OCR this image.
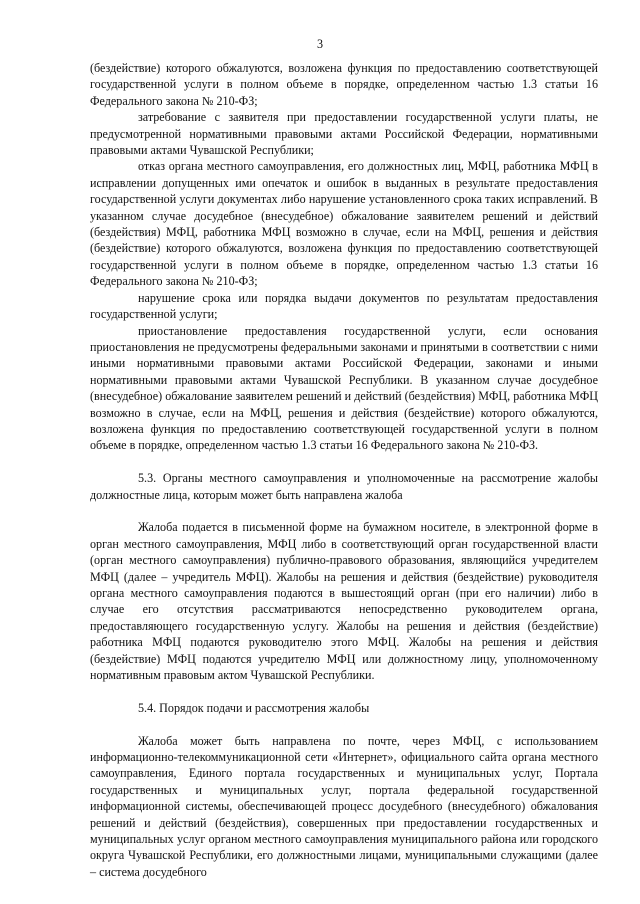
3

(бездействие) которого обжалуются, возложена функция по предоставлению соответствующей государственной услуги в полном объеме в порядке, определенном частью 1.3 статьи 16 Федерального закона № 210-ФЗ;

затребование с заявителя при предоставлении государственной услуги платы, не предусмотренной нормативными правовыми актами Российской Федерации, нормативными правовыми актами Чувашской Республики;

отказ органа местного самоуправления, его должностных лиц, МФЦ, работника МФЦ в исправлении допущенных ими опечаток и ошибок в выданных в результате предоставления государственной услуги документах либо нарушение установленного срока таких исправлений. В указанном случае досудебное (внесудебное) обжалование заявителем решений и действий (бездействия) МФЦ, работника МФЦ возможно в случае, если на МФЦ, решения и действия (бездействие) которого обжалуются, возложена функция по предоставлению соответствующей государственной услуги в полном объеме в порядке, определенном частью 1.3 статьи 16 Федерального закона № 210-ФЗ;

нарушение срока или порядка выдачи документов по результатам предоставления государственной услуги;

приостановление предоставления государственной услуги, если основания приостановления не предусмотрены федеральными законами и принятыми в соответствии с ними иными нормативными правовыми актами Российской Федерации, законами и иными нормативными правовыми актами Чувашской Республики. В указанном случае досудебное (внесудебное) обжалование заявителем решений и действий (бездействия) МФЦ, работника МФЦ возможно в случае, если на МФЦ, решения и действия (бездействие) которого обжалуются, возложена функция по предоставлению соответствующей государственной услуги в полном объеме в порядке, определенном частью 1.3 статьи 16 Федерального закона № 210-ФЗ.

5.3. Органы местного самоуправления и уполномоченные на рассмотрение жалобы должностные лица, которым может быть направлена жалоба

Жалоба подается в письменной форме на бумажном носителе, в электронной форме в орган местного самоуправления, МФЦ либо в соответствующий орган государственной власти (орган местного самоуправления) публично-правового образования, являющийся учредителем МФЦ (далее – учредитель МФЦ). Жалобы на решения и действия (бездействие) руководителя органа местного самоуправления подаются в вышестоящий орган (при его наличии) либо в случае его отсутствия рассматриваются непосредственно руководителем органа, предоставляющего государственную услугу. Жалобы на решения и действия (бездействие) работника МФЦ подаются руководителю этого МФЦ. Жалобы на решения и действия (бездействие) МФЦ подаются учредителю МФЦ или должностному лицу, уполномоченному нормативным правовым актом Чувашской Республики.

5.4. Порядок подачи и рассмотрения жалобы

Жалоба может быть направлена по почте, через МФЦ, с использованием информационно-телекоммуникационной сети «Интернет», официального сайта органа местного самоуправления, Единого портала государственных и муниципальных услуг, Портала государственных и муниципальных услуг, портала федеральной государственной информационной системы, обеспечивающей процесс досудебного (внесудебного) обжалования решений и действий (бездействия), совершенных при предоставлении государственных и муниципальных услуг органом местного самоуправления муниципального района или городского округа Чувашской Республики, его должностными лицами, муниципальными служащими (далее – система досудебного
